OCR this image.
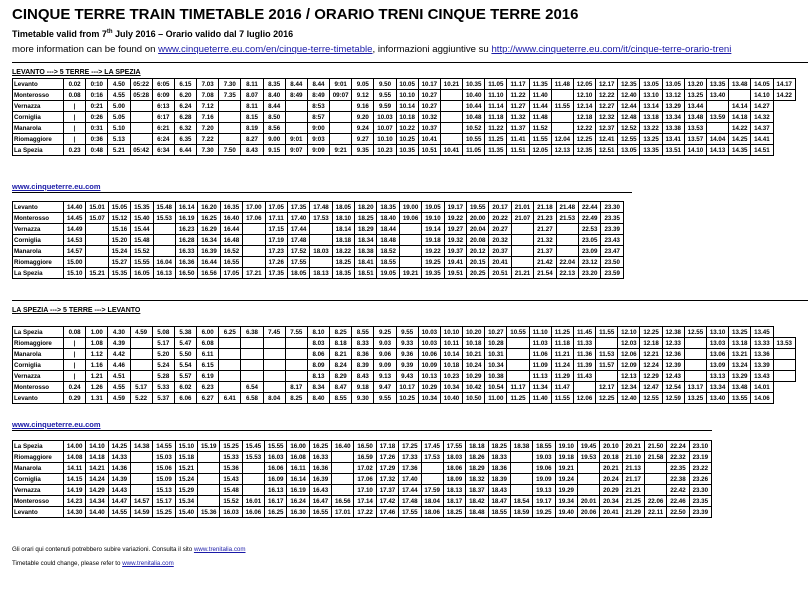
CINQUE TERRE TRAIN TIMETABLE 2016 / ORARIO TRENI CINQUE TERRE 2016
Timetable valid from 7th July 2016 – Orario valido dal 7 luglio 2016
more information can be found on www.cinqueterre.eu.com/en/cinque-terre-timetable, informazioni aggiuntive su http://www.cinqueterre.eu.com/it/cinque-terre-orario-treni
LEVANTO ---> 5 TERRE ---> LA SPEZIA
Levanto	0.02	0:10	4.50	05:22	6:05	6.15	7.03	7.30	8.11	8.35	8.44	8.44	9:01	9.05	9.50	10.05	10.17	10.21	10.35	11.05	11.17	11.35	11.48	12.05	12.17	12.35	13.05	13.05	13.20	13.35	13.48	14.05	14.17
Monterosso	0.08	0:16	4.55	05:28	6:09	6.20	7.08	7.35	8.07	8.40	8:49	8:49	09:07	9.12	9.55	10.10	10.27		10.40	11.10	11.22	11.40		12.10	12.22	12.40	13.10	13.12	13.25	13.40		14.10	14.22
Vernazza	|	0:21	5.00		6:13	6.24	7.12		8.11	8.44		8:53		9.16	9.59	10.14	10.27		10.44	11.14	11.27	11.44	11.55	12.14	12.27	12.44	13.14	13.29	13.44		14.14	14.27	
Corniglia	|	0:26	5.05		6:17	6.28	7.16		8.15	8.50		8:57		9.20	10.03	10.18	10.32		10.48	11.18	11.32	11.48		12.18	12.32	12.48	13.18	13.34	13.48	13.59	14.18	14.32	
Manarola	|	0:31	5.10		6:21	6.32	7.20		8.19	8.56		9:00		9.24	10.07	10.22	10.37		10.52	11.22	11.37	11.52		12.22	12.37	12.52	13.22	13.38	13.53		14.22	14.37	
Riomaggiore	|	0:36	5.13		6:24	6.35	7.22		8.27	9.00	9:01	9:03		9.27	10.10	10.25	10.41		10.55	11.25	11.41	11.55	12.04	12.25	12.41	12.55	13.25	13.41	13.57	14.04	14.25	14.41	
La Spezia	0.23	0:48	5.21	05:42	6:34	6.44	7.30	7.50	8.43	9.15	9:07	9:09	9:21	9.35	10.23	10.35	10.51	10.41	11.05	11.35	11.51	12.05	12.13	12.35	12.51	13.05	13.35	13.51	14.10	14.13	14.35	14.51	
www.cinqueterre.eu.com
Levanto	14.40	15.01	15.05	15.35	15.48	16.14	16.20	16.35	17.00	17.05	17.35	17.48	18.05	18.20	18.35	19.00	19.05	19.17	19.55	20.17	21.01	21.18	21.48	22.44	23.30
Monterosso	14.45	15.07	15.12	15.40	15.53	16.19	16.25	16.40	17.06	17.11	17.40	17.53	18.10	18.25	18.40	19.06	19.10	19.22	20.00	20.22	21.07	21.23	21.53	22.49	23.35
Vernazza	14.49		15.16	15.44		16.23	16.29	16.44		17.15	17.44		18.14	18.29	18.44		19.14	19.27	20.04	20.27		21.27		22.53	23.39
Corniglia	14.53		15.20	15.48		16.28	16.34	16.48		17.19	17.48		18.18	18.34	18.48		19.18	19.32	20.08	20.32		21.32		23.05	23.43
Manarola	14.57		15.24	15.52		16.33	16.39	16.52		17.23	17.52	18.03	18.22	18.38	18.52		19.22	19.37	20.12	20.37		21.37		23.09	23.47
Riomaggiore	15.00		15.27	15.55	16.04	16.36	16.44	16.55		17.26	17.55		18.25	18.41	18.55		19.25	19.41	20.15	20.41		21.42	22.04	23.12	23.50
La Spezia	15.10	15.21	15.35	16.05	16.13	16.50	16.56	17.05	17.21	17.35	18.05	18.13	18.35	18.51	19.05	19.21	19.35	19.51	20.25	20.51	21.21	21.54	22.13	23.20	23.59
LA SPEZIA ---> 5 TERRE ---> LEVANTO
La Spezia	0.08	1.00	4.30	4.59	5.08	5.38	6.00	6.25	6.38	7.45	7.55	8.10	8.25	8.55	9.25	9.55	10.03	10.10	10.20	10.27	10.55	11.10	11.25	11.45	11.55	12.10	12.25	12.38	12.55	13.10	13.25	13.45	
Riomaggiore	|	1.08	4.39		5.17	5.47	6.08					8.03	8.18	8.33	9.03	9.33	10.03	10.11	10.18	10.28		11.03	11.18	11.33		12.03	12.18	12.33		13.03	13.18	13.33	13.53
Manarola	|	1.12	4.42		5.20	5.50	6.11					8.06	8.21	8.36	9.06	9.36	10.06	10.14	10.21	10.31		11.06	11.21	11.36	11.53	12.06	12.21	12.36		13.06	13.21	13.36	
Corniglia	|	1.16	4.46		5.24	5.54	6.15					8.09	8.24	8.39	9.09	9.39	10.09	10.18	10.24	10.34		11.09	11.24	11.39	11.57	12.09	12.24	12.39		13.09	13.24	13.39	
Vernazza	|	1.21	4.51		5.28	5.57	6.19					8.13	8.29	8.43	9.13	9.43	10.13	10.23	10.29	10.38		11.13	11.29	11.43		12.13	12.29	12.43		13.13	13.29	13.43	
Monterosso	0.24	1.26	4.55	5.17	5.33	6.02	6.23		6.54		8.17	8.34	8.47	9.18	9.47	10.17	10.29	10.34	10.42	10.54	11.17	11.34	11.47		12.17	12.34	12.47	12.54	13.17	13.34	13.48	14.01	
Levanto	0.29	1.31	4.59	5.22	5.37	6.06	6.27	6.41	6.58	8.04	8.25	8.40	8.55	9.30	9.55	10.25	10.34	10.40	10.50	11.00	11.25	11.40	11.55	12.06	12.25	12.40	12.55	12.59	13.25	13.40	13.55	14.06	
www.cinqueterre.eu.com
La Spezia	14.00	14.10	14.25	14.38	14.55	15.10	15.19	15.25	15.45	15.55	16.00	16.25	16.40	16.50	17.18	17.25	17.45	17.55	18.18	18.25	18.38	18.55	19.10	19.45	20.10	20.21	21.50	22.24	23.10
Riomaggiore	14.08	14.18	14.33		15.03	15.18		15.33	15.53	16.03	16.08	16.33		16.59	17.26	17.33	17.53	18.03	18.26	18.33		19.03	19.18	19.53	20.18	21.10	21.58	22.32	23.19
Manarola	14.11	14.21	14.36		15.06	15.21		15.36		16.06	16.11	16.36		17.02	17.29	17.36		18.06	18.29	18.36		19.06	19.21		20.21	21.13		22.35	23.22
Corniglia	14.15	14.24	14.39		15.09	15.24		15.43		16.09	16.14	16.39		17.06	17.32	17.40		18.09	18.32	18.39		19.09	19.24		20.24	21.17		22.38	23.26
Vernazza	14.19	14.29	14.43		15.13	15.29		15.48		16.13	16.19	16.43		17.10	17.37	17.44	17.59	18.13	18.37	18.43		19.13	19.29		20.29	21.21		22.42	23.30
Monterosso	14.23	14.34	14.47	14.57	15.17	15.34		15.52	16.01	16.17	16.24	16.47	16.56	17.14	17.42	17.48	18.04	18.17	18.42	18.47	18.54	19.17	19.34	20.01	20.34	21.25	22.06	22.46	23.35
Levanto	14.30	14.40	14.55	14.59	15.25	15.40	15.36	16.03	16.06	16.25	16.30	16.55	17.01	17.22	17.46	17.55	18.06	18.25	18.48	18.55	18.59	19.25	19.40	20.06	20.41	21.29	22.11	22.50	23.39
Gli orari qui contenuti potrebbero subire variazioni. Consulta il sito www.trenitalia.com
Timetable could change, please refer to www.trenitalia.com
